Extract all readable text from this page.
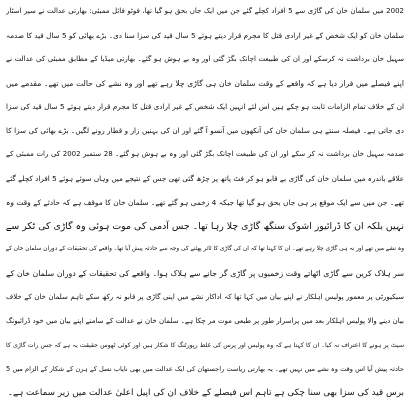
2002 میں سلمان خان کی گاڑی سے 5 افراد کچلے گئے جن میں ایک جاں بحق ہو گیا تھا، فوٹو فائل ممبئی: بھارتی عدالت نے سپر اسٹار
سلمان خان کو ایک شخص کے غیر ارادی قتل کا مجرم قرار دیتے ہوئے 5 سال قید کی سزا سنا دی۔ بڑے بھائی کو 5 سال قید کا صدمہ
سہیل خان برداشت نہ کرسکے اور ان کی طبیعت اچانک بگڑ گئی اور وہ بے ہوش ہو گئے۔ بھارتی میڈیا کے مطابق ممبئی کی عدالت نے
اپنے فیصلے میں قرار دیا ہے کہ واقعے کے وقت سلمان خان ہی گاڑی چلا رہے تھے اور وہ نشے کی حالت میں تھے۔ مقدمے میں
ان کے خلاف تمام الزامات ثابت ہو چکے ہیں اس لئے انہیں ایک شخص کے غیر ارادی قتل کا مجرم قرار دیتے ہوئے 5 سال قید کی سزا
دی جاتی ہے۔ فیصلہ سنتے ہی سلمان خان کی آنکھوں میں آنسو آ گئے اور ان کی بہنیں زار و قطار رونے لگیں۔ بڑے بھائی کی سزا کا
صدمہ سہیل خان برداشت نہ کر سکے اور ان کی طبیعت اچانک بگڑ گئی اور وہ بے ہوش ہو گئے۔ 28 ستمبر 2002 کی رات ممبئی کے
علاقے باندرہ میں سلمان خان کی گاڑی بے قابو ہو کر فٹ پاتھ پر چڑھ گئی تھی جس کے نتیجے میں وہاں سوئے ہوئے 5 افراد کچلے گئے
تھے۔ جن میں سے ایک موقع پر ہی جاں بحق ہو گیا تھا جبکہ 4 زخمی ہو گئے تھے۔ سلمان خان کا موقف ہے کہ حادثے کے وقت وہ
نہیں بلکہ ان کا ڈرائیور اشوک سنگھ گاڑی چلا رہا تھا۔ جس آدمی کی موت ہوئی وہ گاڑی کی ٹکر سے
وہ نشے میں تھے اور نہ ہی گاڑی چلا رہے تھے۔ ان کا کہنا تھا کہ ان کی گاڑی کا ٹائر پھٹنے کی وجہ سے حادثہ پیش آیا تھا۔ واقعے کی تحقیقات کے دوران سلمان خان کے
سر ہلاک کرین سے گاڑی اٹھاتے وقت زخمیوں پر گاڑی گر جانے سے ہلاک ہوا۔ واقعے کی تحقیقات کے دوران سلمان خان کے
سیکیورٹی پر معمور پولیس اہلکار نے اپنے بیان میں کہا تھا کہ اداکار نشے میں اپنی گاڑی پر قابو نہ رکھ سکے تاہم سلمان خان کے خلاف
بیان دینے والا پولیس اہلکار بعد میں پراسرار طور پر طبعی موت مر چکا ہے۔ سلمان خان نے عدالت کے سامنے اپنے بیان میں خود ڈرائیونگ
سیٹ پر ہونے کا اعتراف نہ کیا۔ ان کا کہنا ہے کہ وہ پولیس اور پرس کی غلط رپورٹنگ کا شکار ہیں اور کوئی ٹھوس حقیقت یہ ہے کہ جس رات گاڑی کا
حادثہ پیش آیا اس وقت وہ نشے میں نہیں تھے۔ یہ بھارتی ریاست راجستھان کی ایک عدالت میں بھی نایاب نسل کے ہرن کے شکار کے الزام میں 5
برس قید کی سزا بھی سنا چکی ہے تاہم اس فیصلے کے خلاف ان کی اپیل اعلیٰ عدالت میں زیر سماعت ہے۔
